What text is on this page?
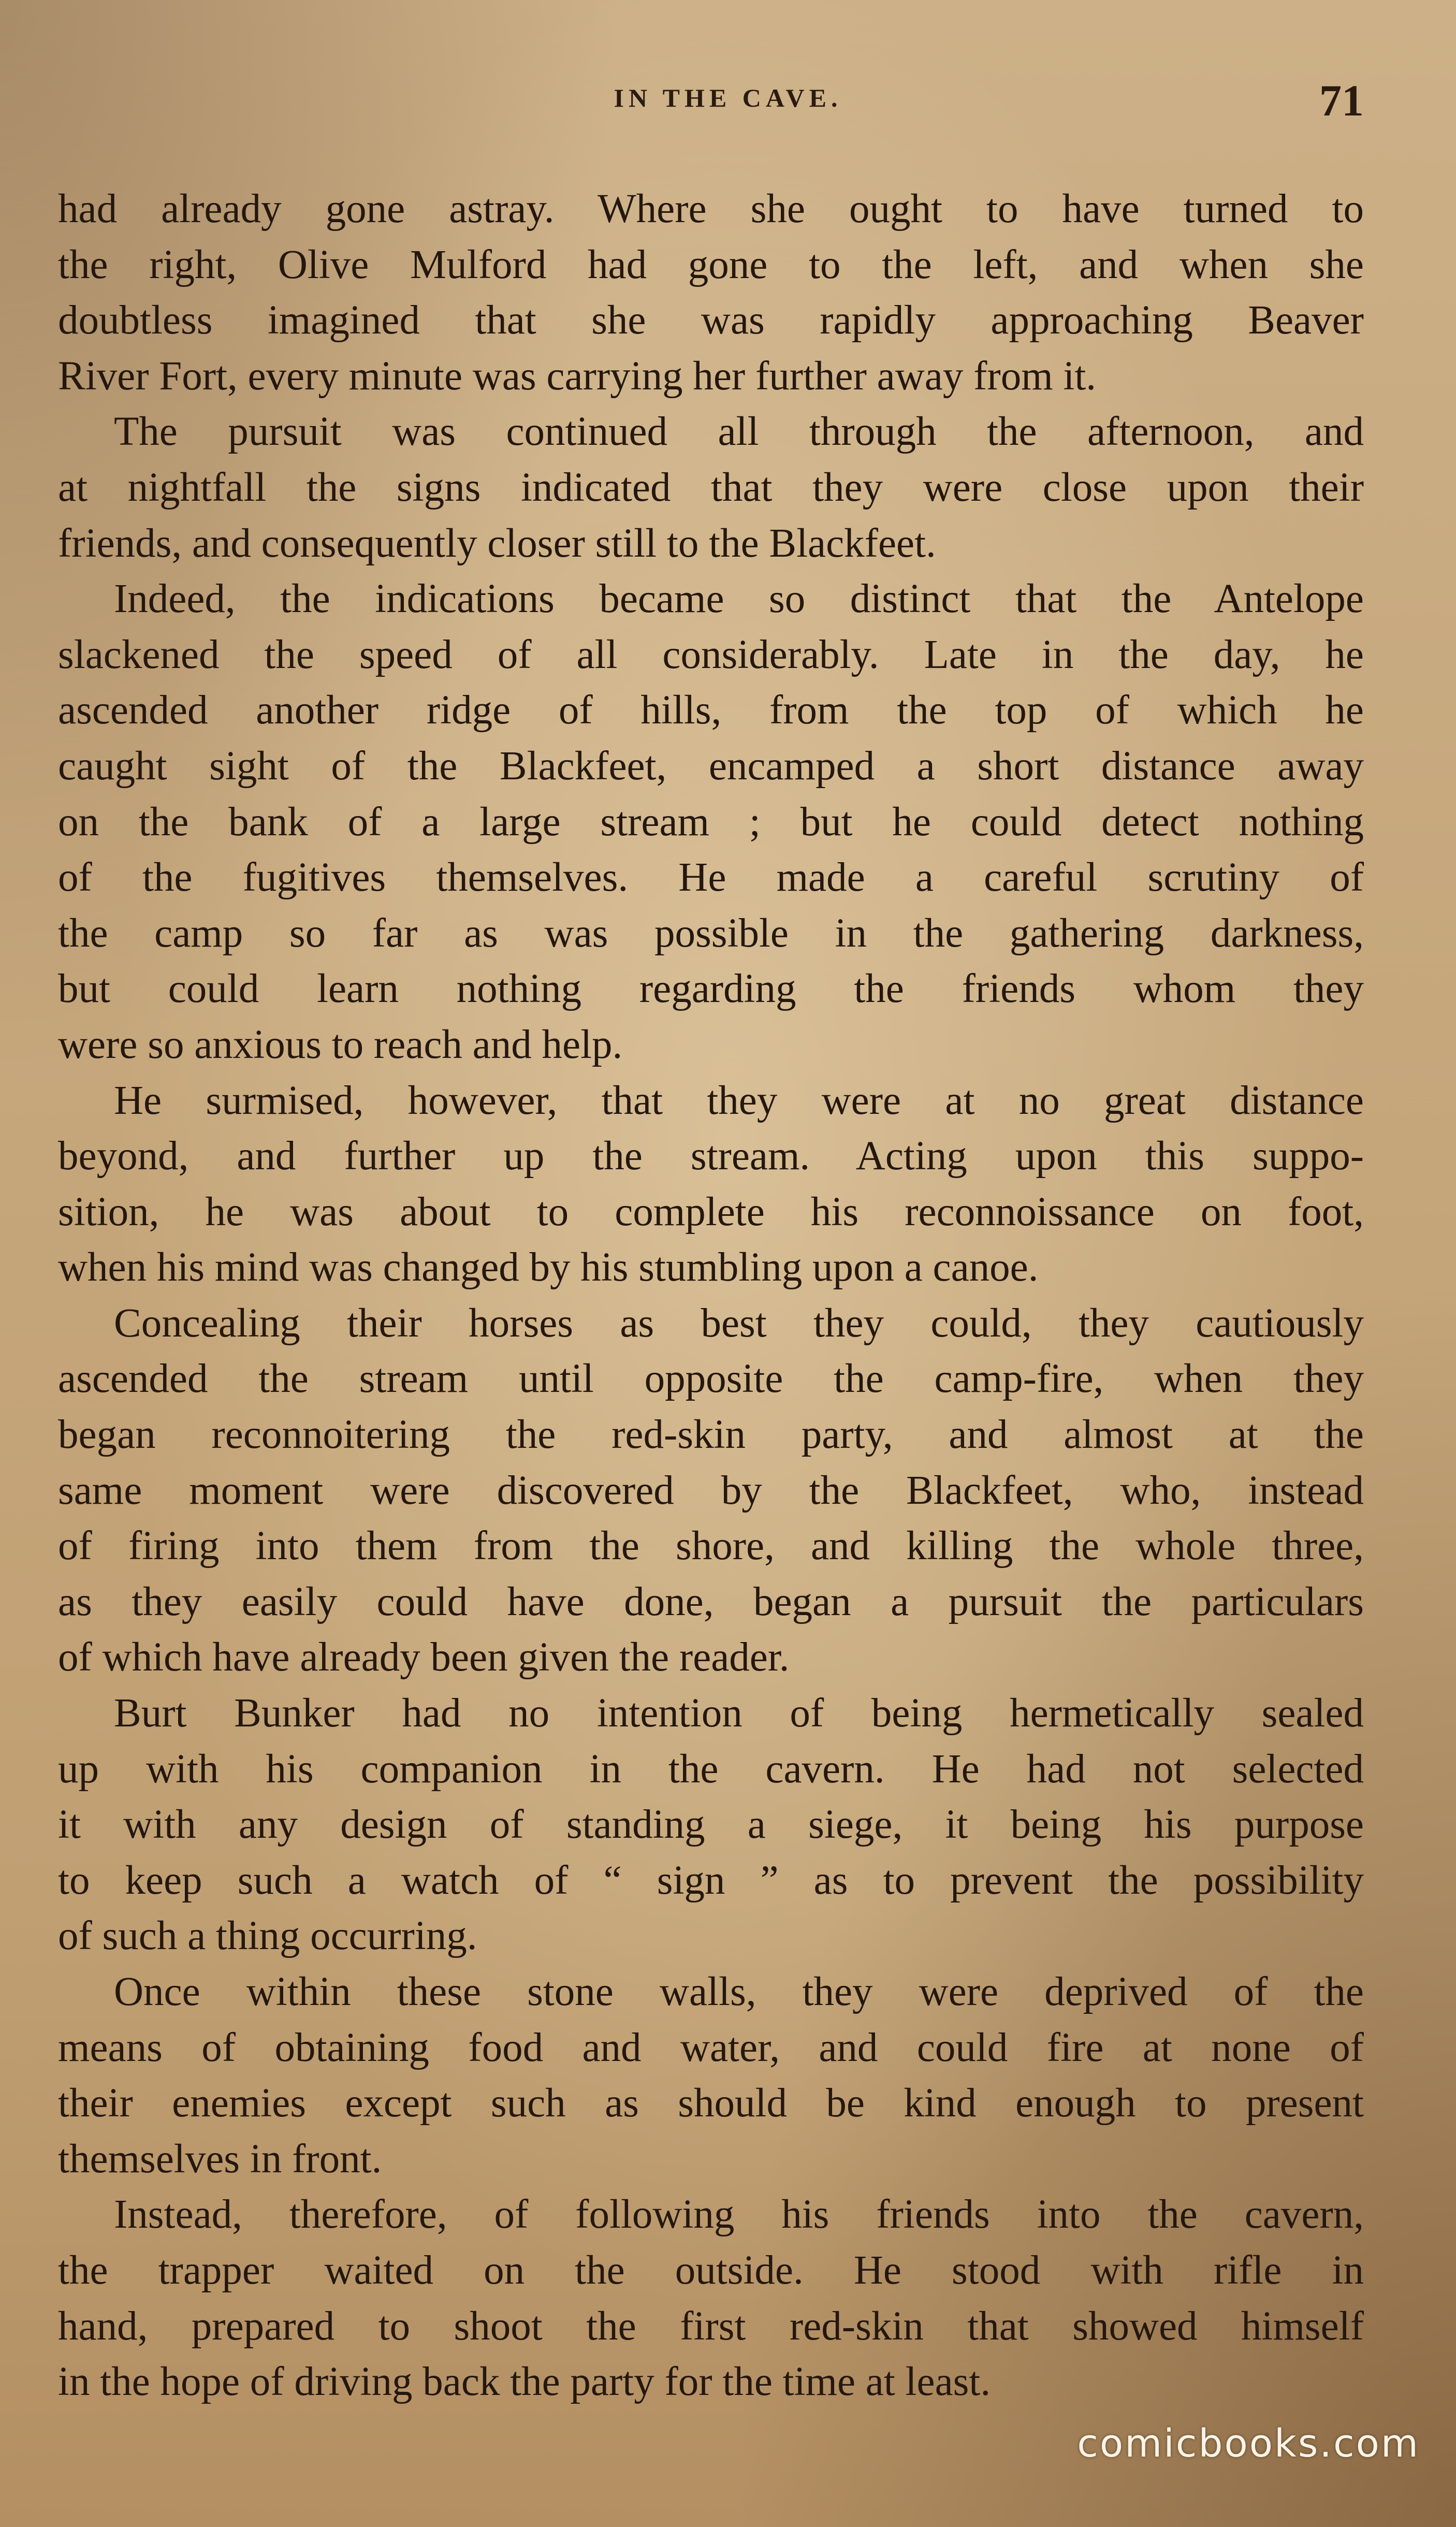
IN THE CAVE.	71
had already gone astray. Where she ought to have turned to
the right, Olive Mulford had gone to the left, and when she
doubtless imagined that she was rapidly approaching Beaver
River Fort, every minute was carrying her further away from it.
The pursuit was continued all through the afternoon, and
at nightfall the signs indicated that they were close upon their
friends, and consequently closer still to the Blackfeet.
Indeed, the indications became so distinct that the Antelope
slackened the speed of all considerably. Late in the day, he
ascended another ridge of hills, from the top of which he
caught sight of the Blackfeet, encamped a short distance away
on the bank of a large stream ; but he could detect nothing
of the fugitives themselves. He made a careful scrutiny of
the camp so far as was possible in the gathering darkness,
but could learn nothing regarding the friends whom they
were so anxious to reach and help.
He surmised, however, that they were at no great distance
beyond, and further up the stream. Acting upon this suppo-
sition, he was about to complete his reconnoissance on foot,
when his mind was changed by his stumbling upon a canoe.
Concealing their horses as best they could, they cautiously
ascended the stream until opposite the camp-fire, when they
began reconnoitering the red-skin party, and almost at the
same moment were discovered by the Blackfeet, who, instead
of firing into them from the shore, and killing the whole three,
as they easily could have done, began a pursuit the particulars
of which have already been given the reader.
Burt Bunker had no intention of being hermetically sealed
up with his companion in the cavern. He had not selected
it with any design of standing a siege, it being his purpose
to keep such a watch of “ sign ” as to prevent the possibility
of such a thing occurring.
Once within these stone walls, they were deprived of the
means of obtaining food and water, and could fire at none of
their enemies except such as should be kind enough to present
themselves in front.
Instead, therefore, of following his friends into the cavern,
the trapper waited on the outside. He stood with rifle in
hand, prepared to shoot the first red-skin that showed himself
in the hope of driving back the party for the time at least.
comicbooks.com
